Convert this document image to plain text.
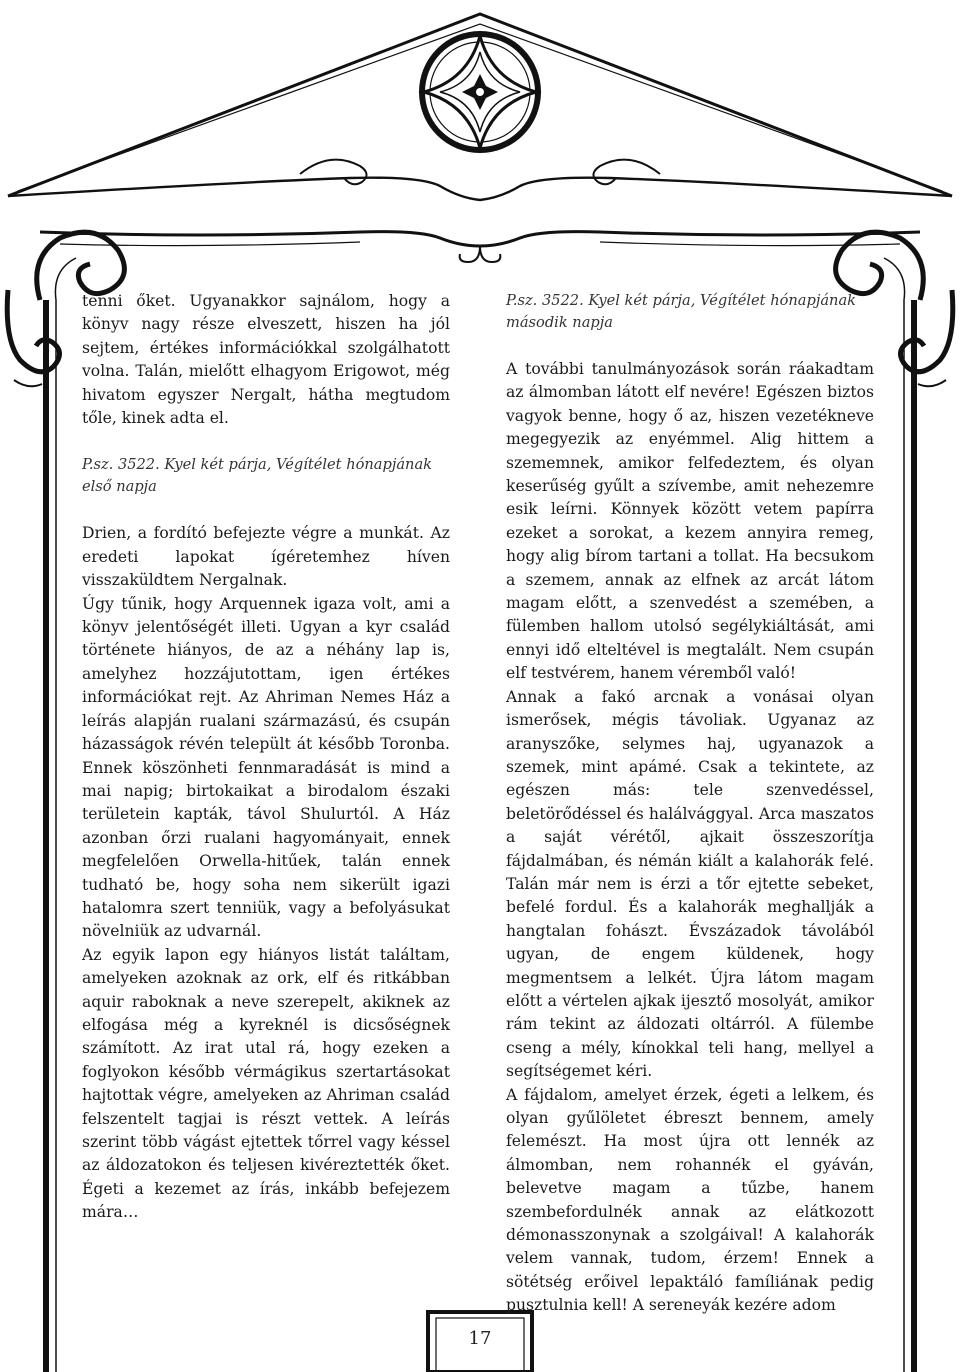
tenni őket. Ugyanakkor sajnálom, hogy a könyv nagy része elveszett, hiszen ha jól sejtem, értékes információkkal szolgálhatott volna. Talán, mielőtt elhagyom Erigowot, még hivatom egyszer Nergalt, hátha megtudom tőle, kinek adta el.

P.sz. 3522. Kyel két párja, Végítélet hónapjának első napja

Drien, a fordító befejezte végre a munkát. Az eredeti lapokat ígéretemhez híven visszaküldtem Nergalnak.

Úgy tűnik, hogy Arquennek igaza volt, ami a könyv jelentőségét illeti. Ugyan a kyr család története hiányos, de az a néhány lap is, amelyhez hozzájutottam, igen értékes információkat rejt. Az Ahriman Nemes Ház a leírás alapján rualani származású, és csupán házasságok révén települt át később Toronba. Ennek köszönheti fennmaradását is mind a mai napig; birtokaikat a birodalom északi területein kapták, távol Shulurtól. A Ház azonban őrzi rualani hagyományait, ennek megfelelően Orwella-hitűek, talán ennek tudható be, hogy soha nem sikerült igazi hatalomra szert tenniük, vagy a befolyásukat növelniük az udvarnál.

Az egyik lapon egy hiányos listát találtam, amelyeken azoknak az ork, elf és ritkábban aquir raboknak a neve szerepelt, akiknek az elfogása még a kyreknél is dicsőségnek számított. Az irat utal rá, hogy ezeken a foglyokon később vérmágikus szertartásokat hajtottak végre, amelyeken az Ahriman család felszentelt tagjai is részt vettek. A leírás szerint több vágást ejtettek tőrrel vagy késsel az áldozatokon és teljesen kivéreztették őket. Égeti a kezemet az írás, inkább befejezem mára…

P.sz. 3522. Kyel két párja, Végítélet hónapjának második napja

A további tanulmányozások során ráakadtam az álmomban látott elf nevére! Egészen biztos vagyok benne, hogy ő az, hiszen vezetékneve megegyezik az enyémmel. Alig hittem a szememnek, amikor felfedeztem, és olyan keserűség gyűlt a szívembe, amit nehezemre esik leírni. Könnyek között vetem papírra ezeket a sorokat, a kezem annyira remeg, hogy alig bírom tartani a tollat. Ha becsukom a szemem, annak az elfnek az arcát látom magam előtt, a szenvedést a szemében, a fülemben hallom utolsó segélykiáltását, ami ennyi idő elteltével is megtalált. Nem csupán elf testvérem, hanem véremből való!

Annak a fakó arcnak a vonásai olyan ismerősek, mégis távoliak. Ugyanaz az aranyszőke, selymes haj, ugyanazok a szemek, mint apámé. Csak a tekintete, az egészen más: tele szenvedéssel, beletörődéssel és halálvággyal. Arca maszatos a saját vérétől, ajkait összeszorítja fájdalmában, és némán kiált a kalahorák felé. Talán már nem is érzi a tőr ejtette sebeket, befelé fordul. És a kalahorák meghallják a hangtalan fohászt. Évszázadok távolából ugyan, de engem küldenek, hogy megmentsem a lelkét. Újra látom magam előtt a vértelen ajkak ijesztő mosolyát, amikor rám tekint az áldozati oltárról. A fülembe cseng a mély, kínokkal teli hang, mellyel a segítségemet kéri.

A fájdalom, amelyet érzek, égeti a lelkem, és olyan gyűlöletet ébreszt bennem, amely felemészt. Ha most újra ott lennék az álmomban, nem rohannék el gyáván, belevetve magam a tűzbe, hanem szembefordulnék annak az elátkozott démonasszonynak a szolgáival! A kalahorák velem vannak, tudom, érzem! Ennek a sötétség erőivel lepaktáló famíliának pedig pusztulnia kell! A sereneyák kezére adom

17
